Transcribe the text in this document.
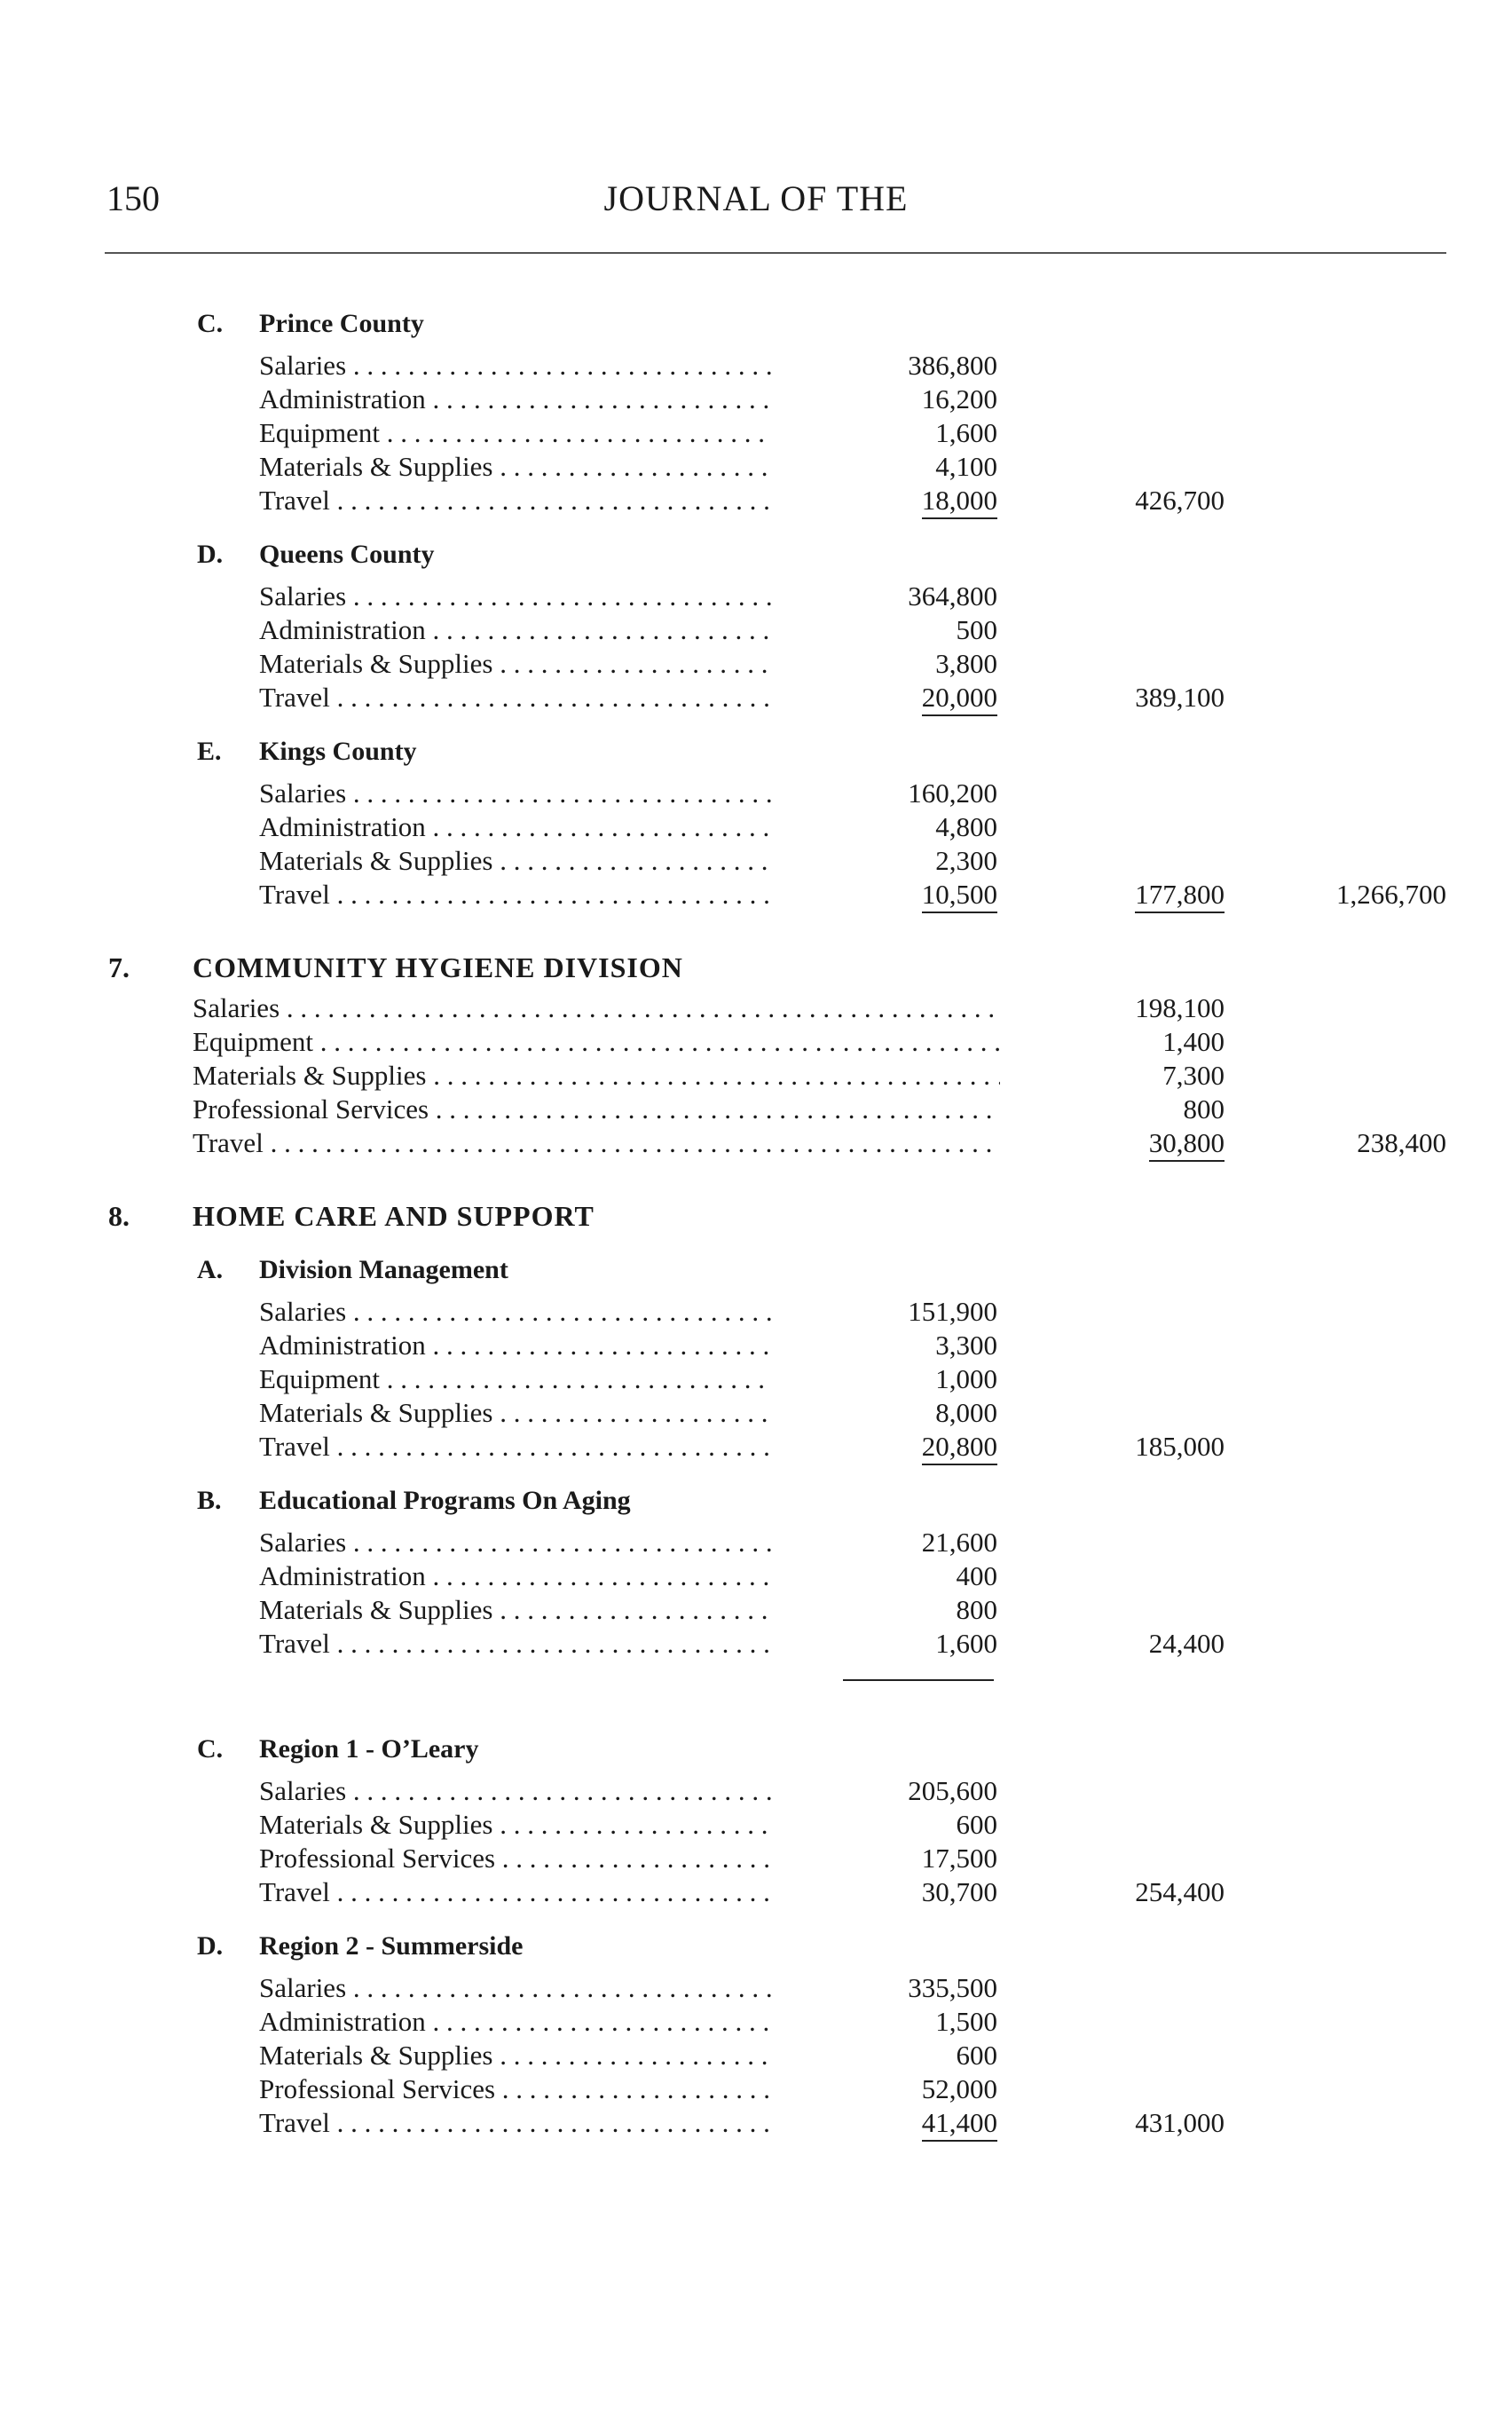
150	JOURNAL OF THE
C. Prince County
Salaries . . .	386,800
Administration . . .	16,200
Equipment . . .	1,600
Materials & Supplies . . .	4,100
Travel . . .	18,000	426,700
D. Queens County
Salaries . . .	364,800
Administration . . .	500
Materials & Supplies . . .	3,800
Travel . . .	20,000	389,100
E. Kings County
Salaries . . .	160,200
Administration . . .	4,800
Materials & Supplies . . .	2,300
Travel . . .	10,500	177,800	1,266,700
7. COMMUNITY HYGIENE DIVISION
Salaries . . .	198,100
Equipment . . .	1,400
Materials & Supplies . . .	7,300
Professional Services . . .	800
Travel . . .	30,800	238,400
8. HOME CARE AND SUPPORT
A. Division Management
Salaries . . .	151,900
Administration . . .	3,300
Equipment . . .	1,000
Materials & Supplies . . .	8,000
Travel . . .	20,800	185,000
B. Educational Programs On Aging
Salaries . . .	21,600
Administration . . .	400
Materials & Supplies . . .	800
Travel . . .	1,600	24,400
C. Region 1 - O’Leary
Salaries . . .	205,600
Materials & Supplies . . .	600
Professional Services . . .	17,500
Travel . . .	30,700	254,400
D. Region 2 - Summerside
Salaries . . .	335,500
Administration . . .	1,500
Materials & Supplies . . .	600
Professional Services . . .	52,000
Travel . . .	41,400	431,000
